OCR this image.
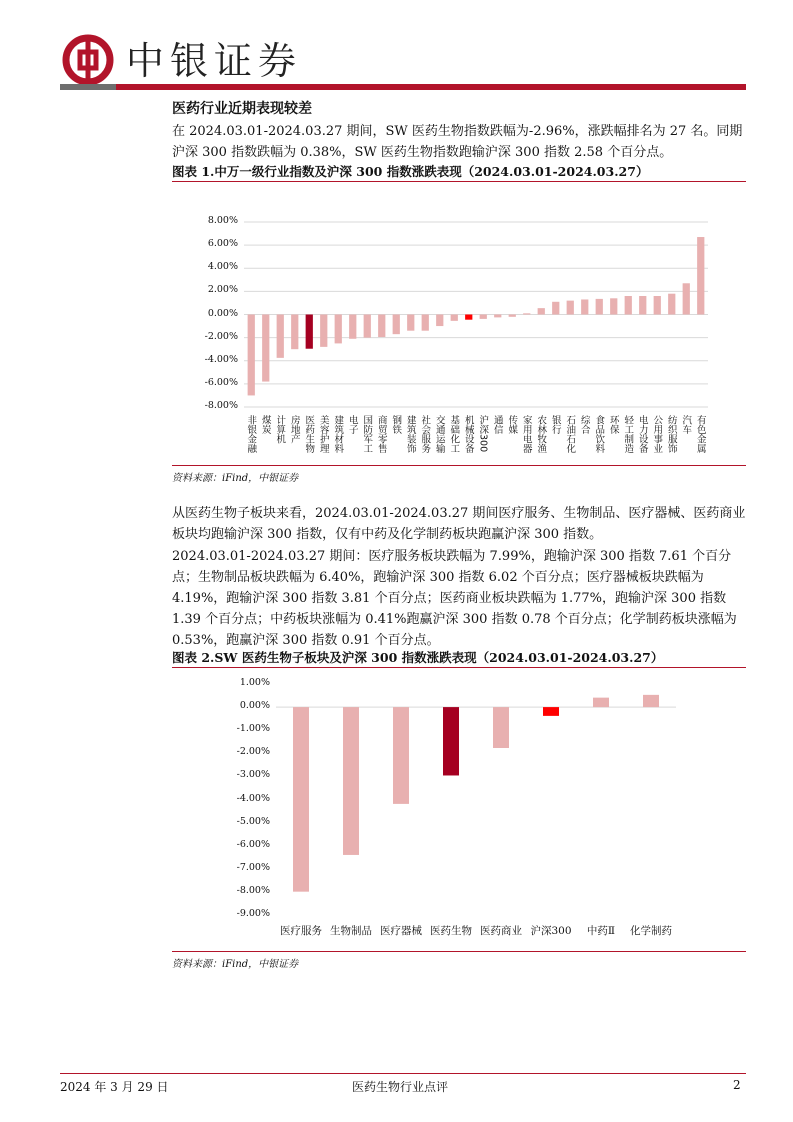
中银证券
医药行业近期表现较差
在 2024.03.01-2024.03.27 期间，SW 医药生物指数跌幅为-2.96%，涨跌幅排名为 27 名。同期沪深 300 指数跌幅为 0.38%，SW 医药生物指数跑输沪深 300 指数 2.58 个百分点。
图表 1.中万一级行业指数及沪深 300 指数涨跌表现（2024.03.01-2024.03.27）
8.00%
6.00%
4.00%
2.00%
0.00%
-2.00%
-4.00%
-6.00%
-8.00%
非银金融 煤炭 计算机 房地产 医药生物 美容护理 建筑材料 电子 国防军工 商贸零售 钢铁 建筑装饰 社会服务 交通运输 基础化工 机械设备 沪深300 通信 传媒 家用电器 农林牧渔 银行 石油石化 综合 食品饮料 环保 轻工制造 电力设备 公用事业 纺织服饰 汽车 有色金属
资料来源：iFind，中银证券
从医药生物子板块来看，2024.03.01-2024.03.27 期间医疗服务、生物制品、医疗器械、医药商业板块均跑输沪深 300 指数，仅有中药及化学制药板块跑赢沪深 300 指数。
2024.03.01-2024.03.27 期间：医疗服务板块跌幅为 7.99%，跑输沪深 300 指数 7.61 个百分点；生物制品板块跌幅为 6.40%，跑输沪深 300 指数 6.02 个百分点；医疗器械板块跌幅为 4.19%，跑输沪深 300 指数 3.81 个百分点；医药商业板块跌幅为 1.77%，跑输沪深 300 指数 1.39 个百分点；中药板块涨幅为 0.41%跑赢沪深 300 指数 0.78 个百分点；化学制药板块涨幅为 0.53%，跑赢沪深 300 指数 0.91 个百分点。
图表 2.SW 医药生物子板块及沪深 300 指数涨跌表现（2024.03.01-2024.03.27）
1.00%
0.00%
-1.00%
-2.00%
-3.00%
-4.00%
-5.00%
-6.00%
-7.00%
-8.00%
-9.00%
医疗服务 生物制品 医疗器械 医药生物 医药商业 沪深300	中药Ⅱ	化学制药
资料来源：iFind，中银证券
2024 年 3 月 29 日	医药生物行业点评	2
